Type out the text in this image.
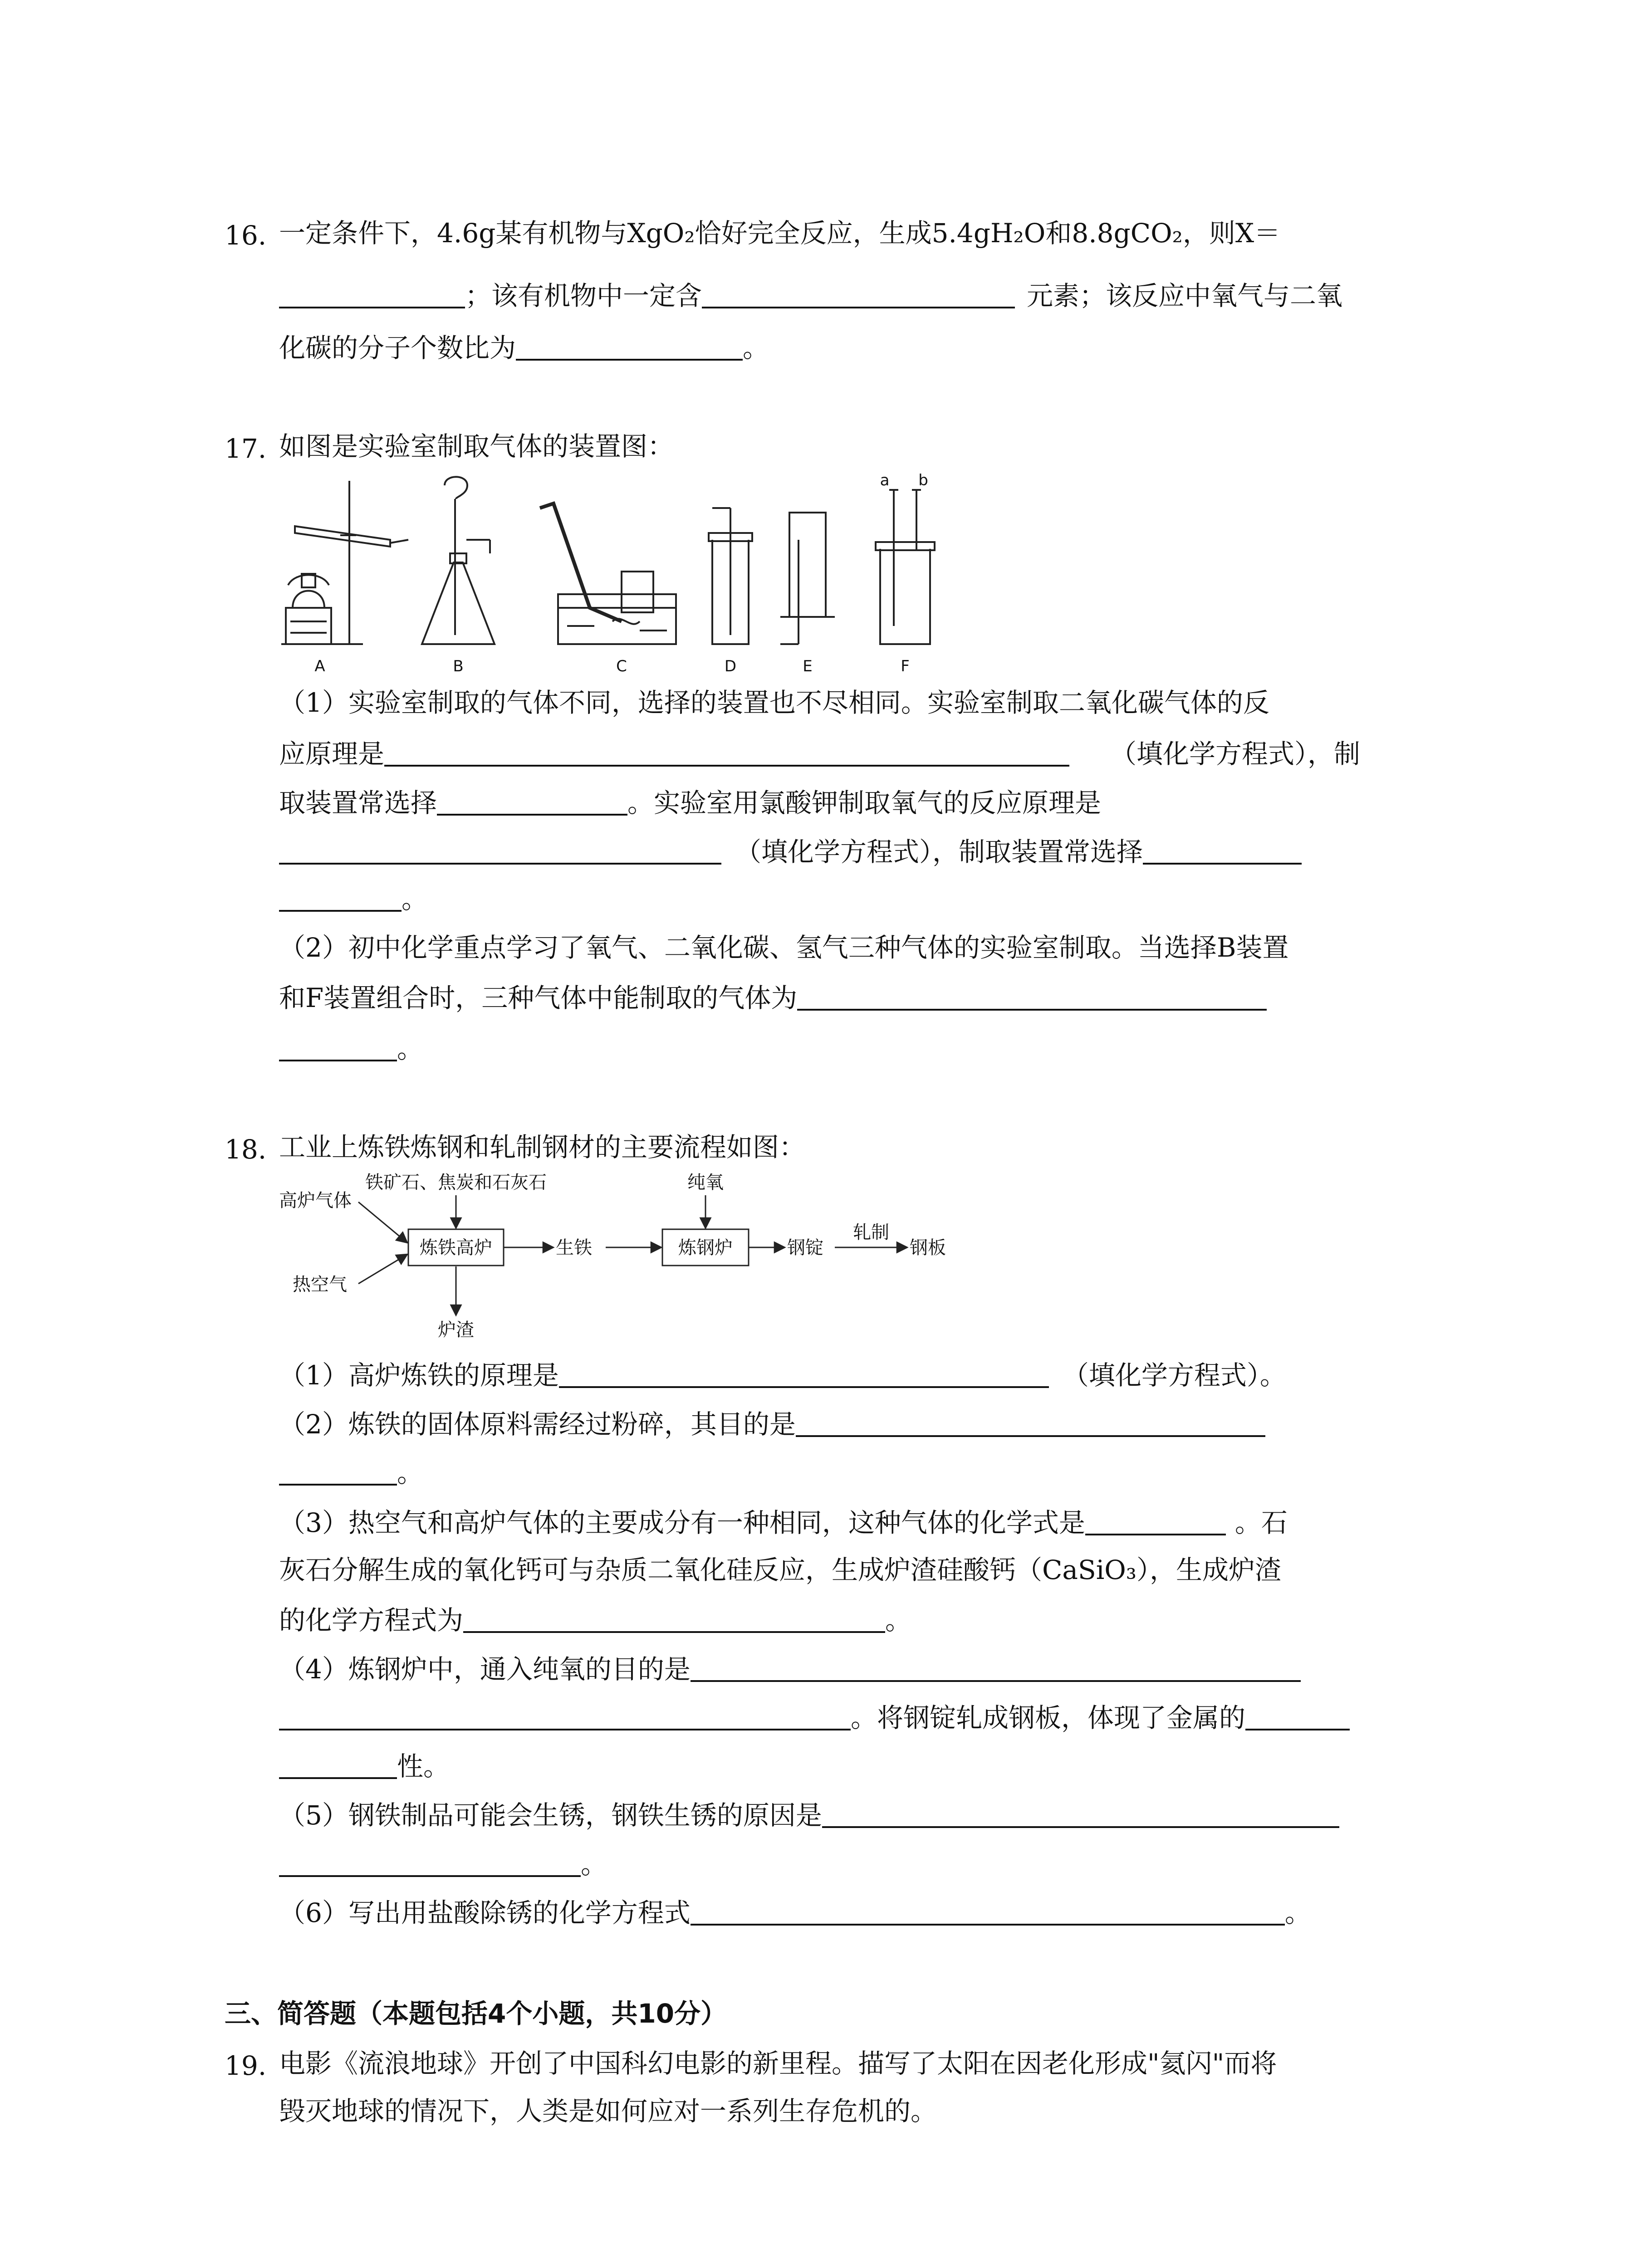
16. 一定条件下，4.6g某有机物与XgO₂恰好完全反应，生成5.4gH₂O和8.8gCO₂，则X＝
；该有机物中一定含	元素；该反应中氧气与二氧
化碳的分子个数比为	。
17. 如图是实验室制取气体的装置图：
A	B	C	D	E	F
a b
（1）实验室制取的气体不同，选择的装置也不尽相同。实验室制取二氧化碳气体的反
应原理是	（填化学方程式），制
取装置常选择	。实验室用氯酸钾制取氧气的反应原理是
（填化学方程式），制取装置常选择
。
（2）初中化学重点学习了氧气、二氧化碳、氢气三种气体的实验室制取。当选择B装置
和F装置组合时，三种气体中能制取的气体为
。
18. 工业上炼铁炼钢和轧制钢材的主要流程如图：
铁矿石、焦炭和石灰石	纯氧
高炉气体
热空气
炼铁高炉	生铁	炼钢炉	钢锭
轧制
钢板
炉渣
（1）高炉炼铁的原理是	（填化学方程式）。
（2）炼铁的固体原料需经过粉碎，其目的是
。
（3）热空气和高炉气体的主要成分有一种相同，这种气体的化学式是	。石
灰石分解生成的氧化钙可与杂质二氧化硅反应，生成炉渣硅酸钙（CaSiO₃），生成炉渣
的化学方程式为	。
（4）炼钢炉中，通入纯氧的目的是
。将钢锭轧成钢板，体现了金属的
性。
（5）钢铁制品可能会生锈，钢铁生锈的原因是
。
（6）写出用盐酸除锈的化学方程式	。
三、简答题（本题包括4个小题，共10分）
19. 电影《流浪地球》开创了中国科幻电影的新里程。描写了太阳在因老化形成"氦闪"而将
毁灭地球的情况下，人类是如何应对一系列生存危机的。
